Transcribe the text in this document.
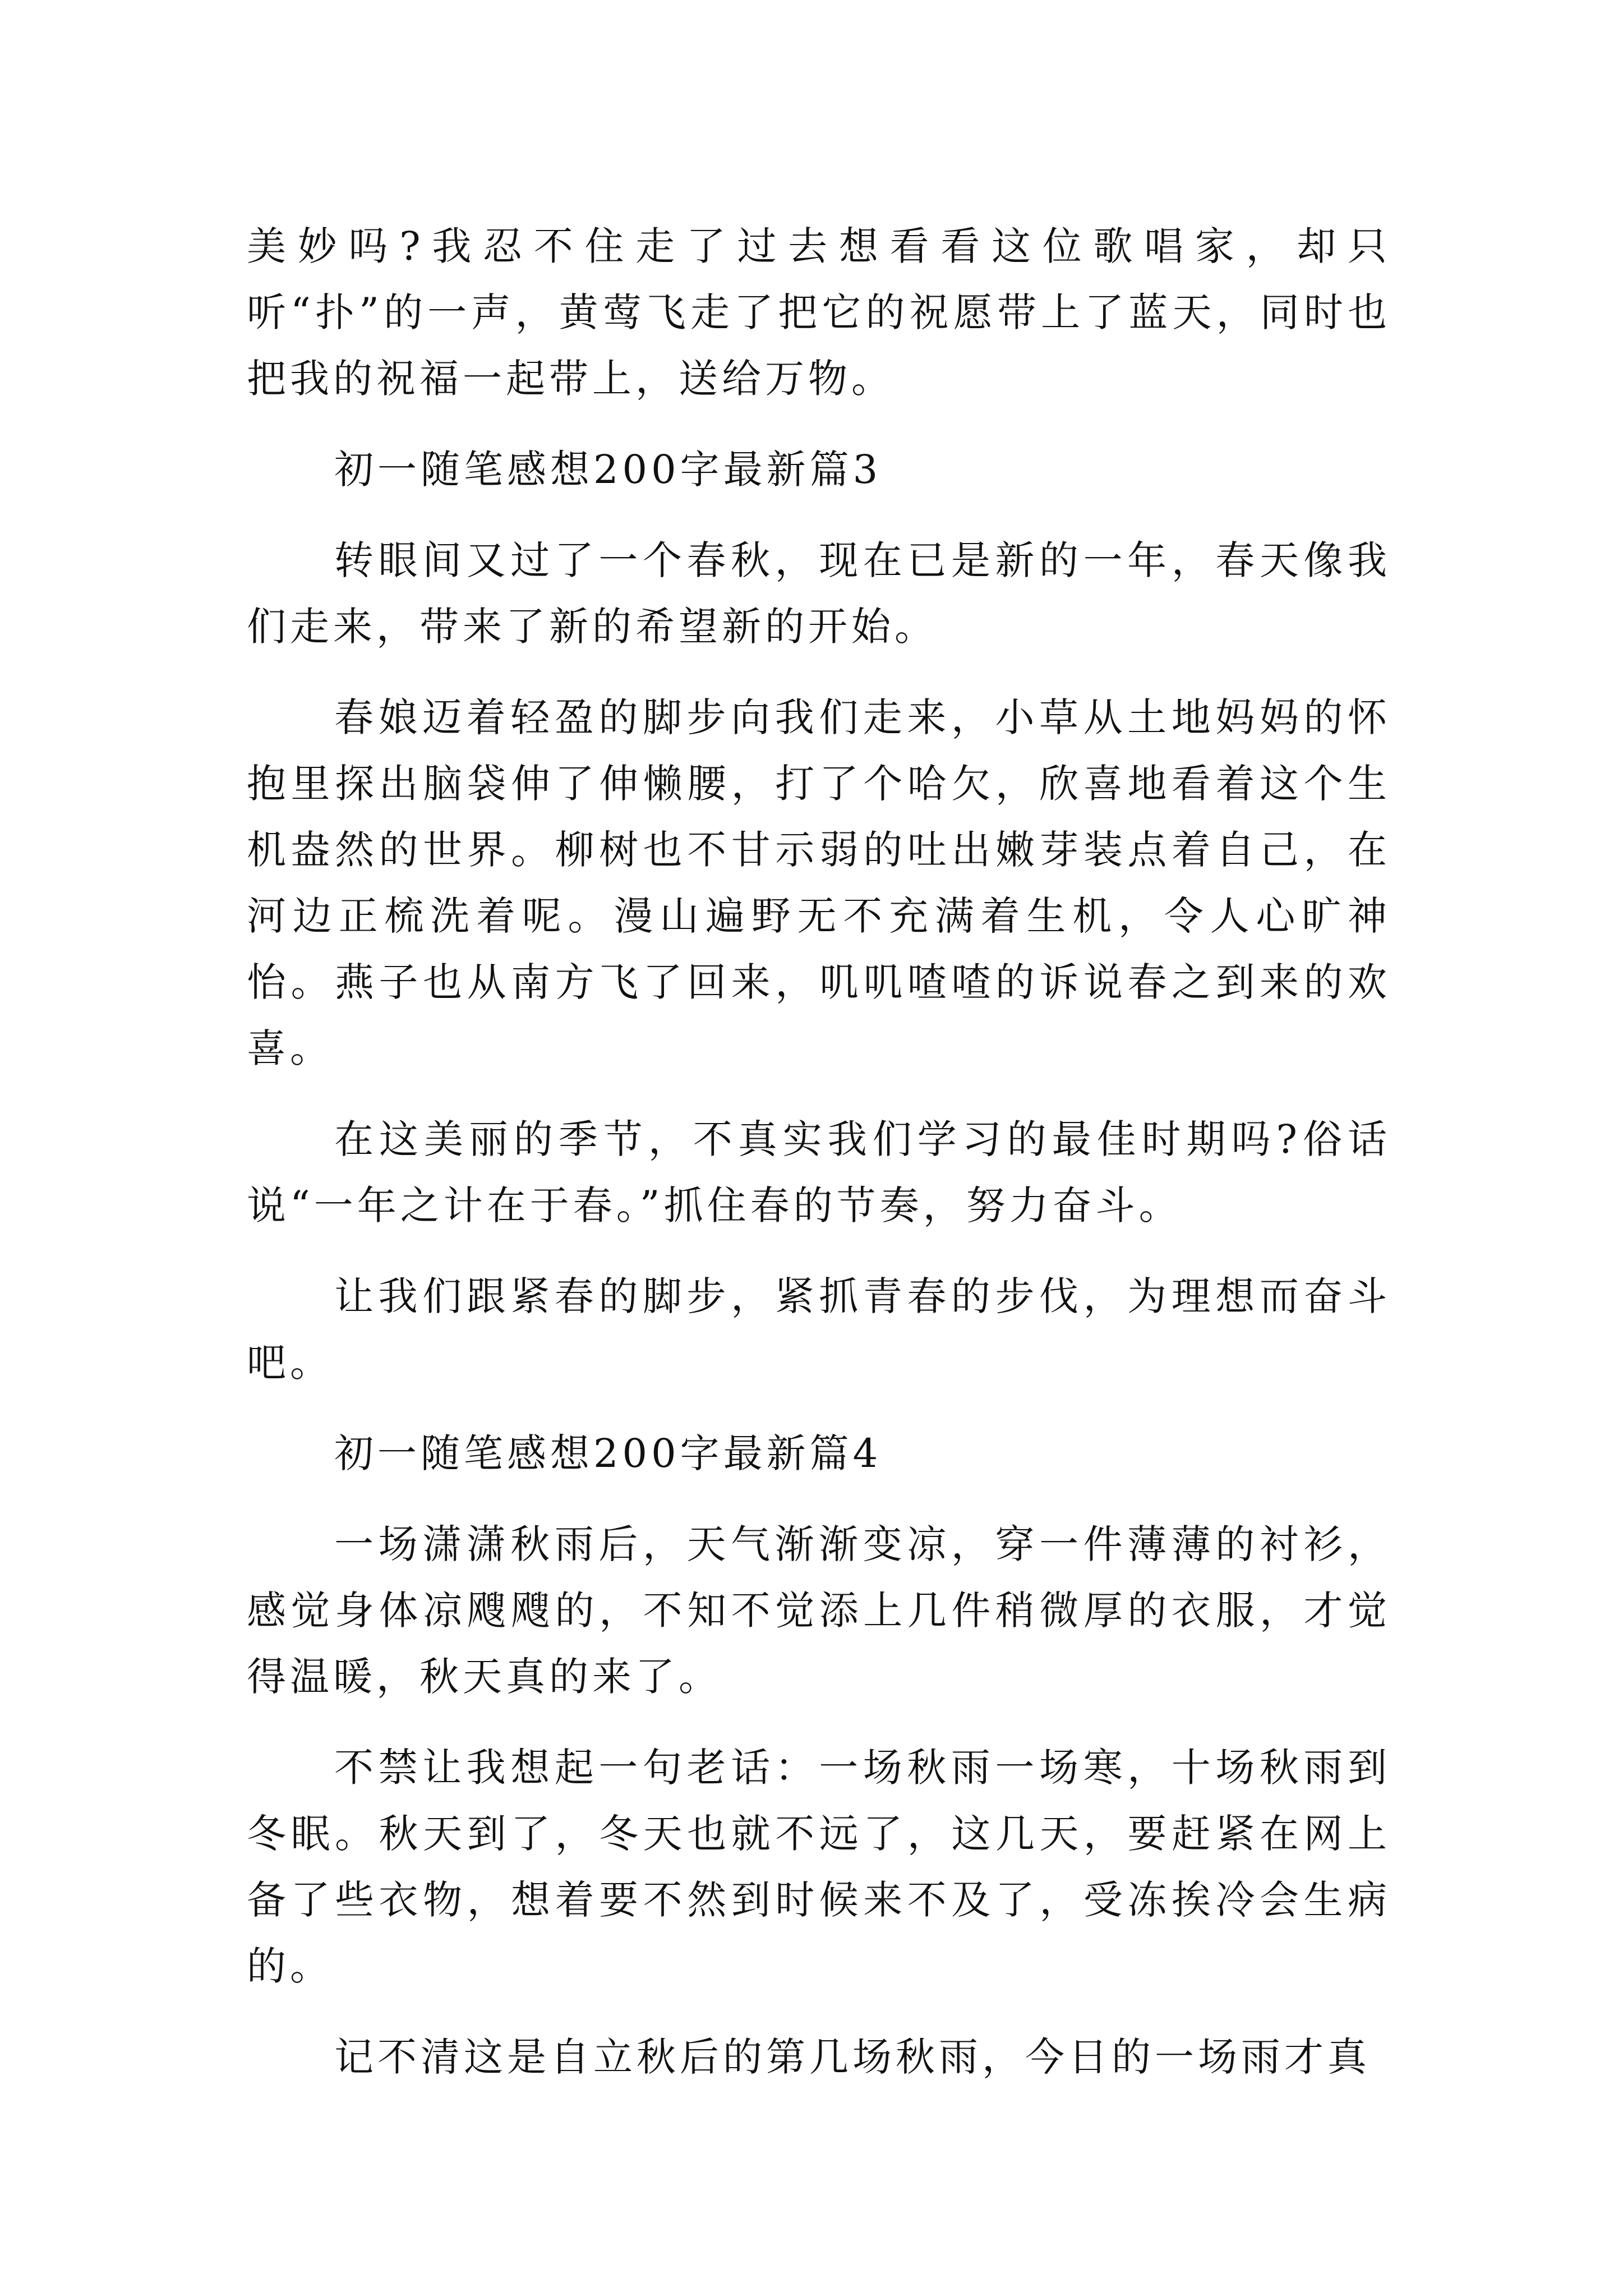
美妙吗?我忍不住走了过去想看看这位歌唱家，却只听“扑”的一声，黄莺飞走了把它的祝愿带上了蓝天，同时也把我的祝福一起带上，送给万物。

初一随笔感想200字最新篇3

转眼间又过了一个春秋，现在已是新的一年，春天像我们走来，带来了新的希望新的开始。

春娘迈着轻盈的脚步向我们走来，小草从土地妈妈的怀抱里探出脑袋伸了伸懒腰，打了个哈欠，欣喜地看着这个生机盎然的世界。柳树也不甘示弱的吐出嫩芽装点着自己，在河边正梳洗着呢。漫山遍野无不充满着生机，令人心旷神怡。燕子也从南方飞了回来，叽叽喳喳的诉说春之到来的欢喜。

在这美丽的季节，不真实我们学习的最佳时期吗?俗话说“一年之计在于春。”抓住春的节奏，努力奋斗。

让我们跟紧春的脚步，紧抓青春的步伐，为理想而奋斗吧。

初一随笔感想200字最新篇4

一场潇潇秋雨后，天气渐渐变凉，穿一件薄薄的衬衫，感觉身体凉飕飕的，不知不觉添上几件稍微厚的衣服，才觉得温暖，秋天真的来了。

不禁让我想起一句老话：一场秋雨一场寒，十场秋雨到冬眠。秋天到了，冬天也就不远了，这几天，要赶紧在网上备了些衣物，想着要不然到时候来不及了，受冻挨冷会生病的。

记不清这是自立秋后的第几场秋雨，今日的一场雨才真
